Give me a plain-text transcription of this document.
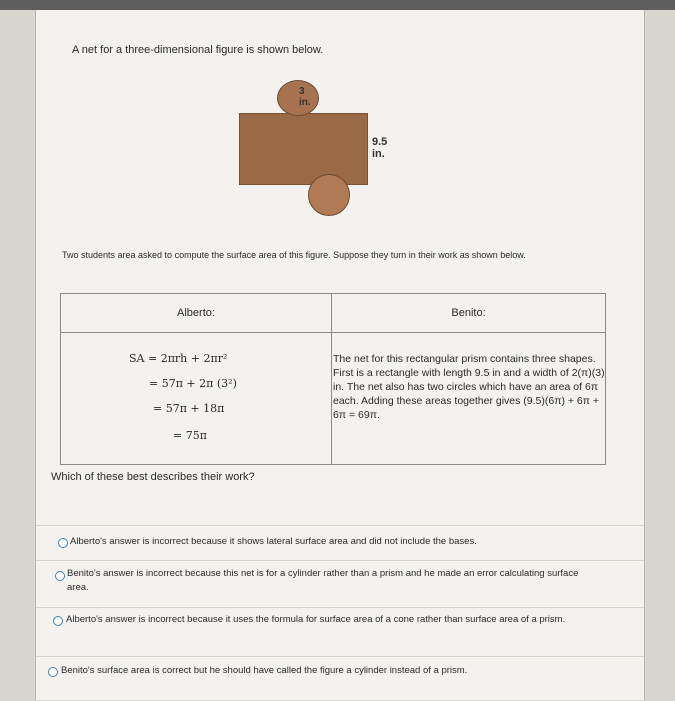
A net for a three-dimensional figure is shown below.
3 in.
9.5 in.
Two students area asked to compute the surface area of this figure. Suppose they turn in their work as shown below.
Alberto:	Benito:
SA = 2πrh + 2πr²
= 57π + 2π (3²)
= 57π + 18π
= 75π
The net for this rectangular prism contains three shapes. First is a rectangle with length 9.5 in and a width of 2(π)(3) in. The net also has two circles which have an area of 6π each. Adding these areas together gives (9.5)(6π) + 6π + 6π = 69π.
Which of these best describes their work?
Alberto's answer is incorrect because it shows lateral surface area and did not include the bases.
Benito's answer is incorrect because this net is for a cylinder rather than a prism and he made an error calculating surface area.
Alberto's answer is incorrect because it uses the formula for surface area of a cone rather than surface area of a prism.
Benito's surface area is correct but he should have called the figure a cylinder instead of a prism.
